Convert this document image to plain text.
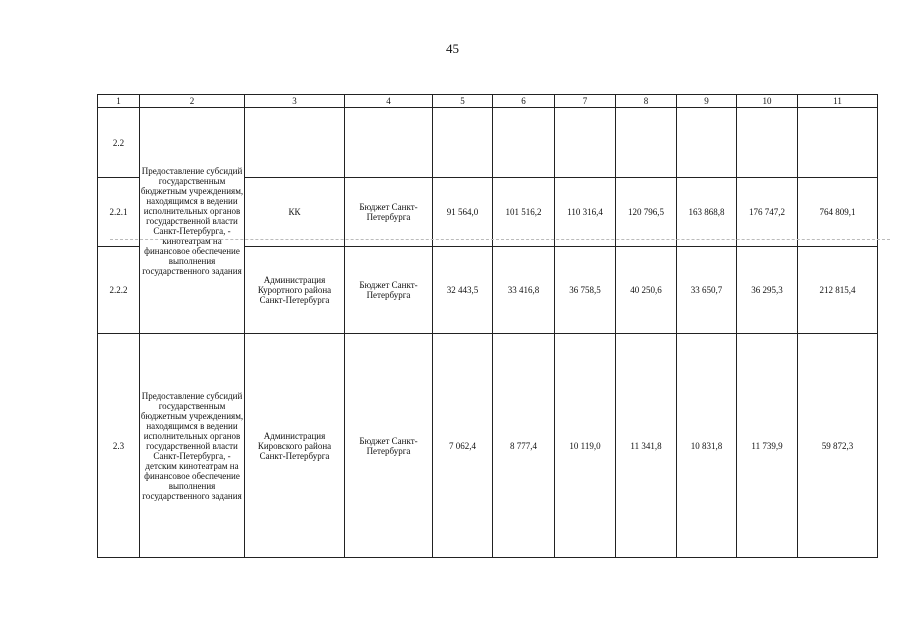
45
1	2	3	4	5	6	7	8	9	10	11
2.2	Предоставление субсидий государственным бюджетным учреждениям, находящимся в ведении исполнительных органов государственной власти Санкт-Петербурга, - кинотеатрам на финансовое обеспечение выполнения государственного задания									
2.2.1		КК	Бюджет Санкт-Петербурга	91 564,0	101 516,2	110 316,4	120 796,5	163 868,8	176 747,2	764 809,1
2.2.2		Администрация Курортного района Санкт-Петербурга	Бюджет Санкт-Петербурга	32 443,5	33 416,8	36 758,5	40 250,6	33 650,7	36 295,3	212 815,4
2.3	Предоставление субсидий государственным бюджетным учреждениям, находящимся в ведении исполнительных органов государственной власти Санкт-Петербурга, - детским кинотеатрам на финансовое обеспечение выполнения государственного задания	Администрация Кировского района Санкт-Петербурга	Бюджет Санкт-Петербурга	7 062,4	8 777,4	10 119,0	11 341,8	10 831,8	11 739,9	59 872,3
